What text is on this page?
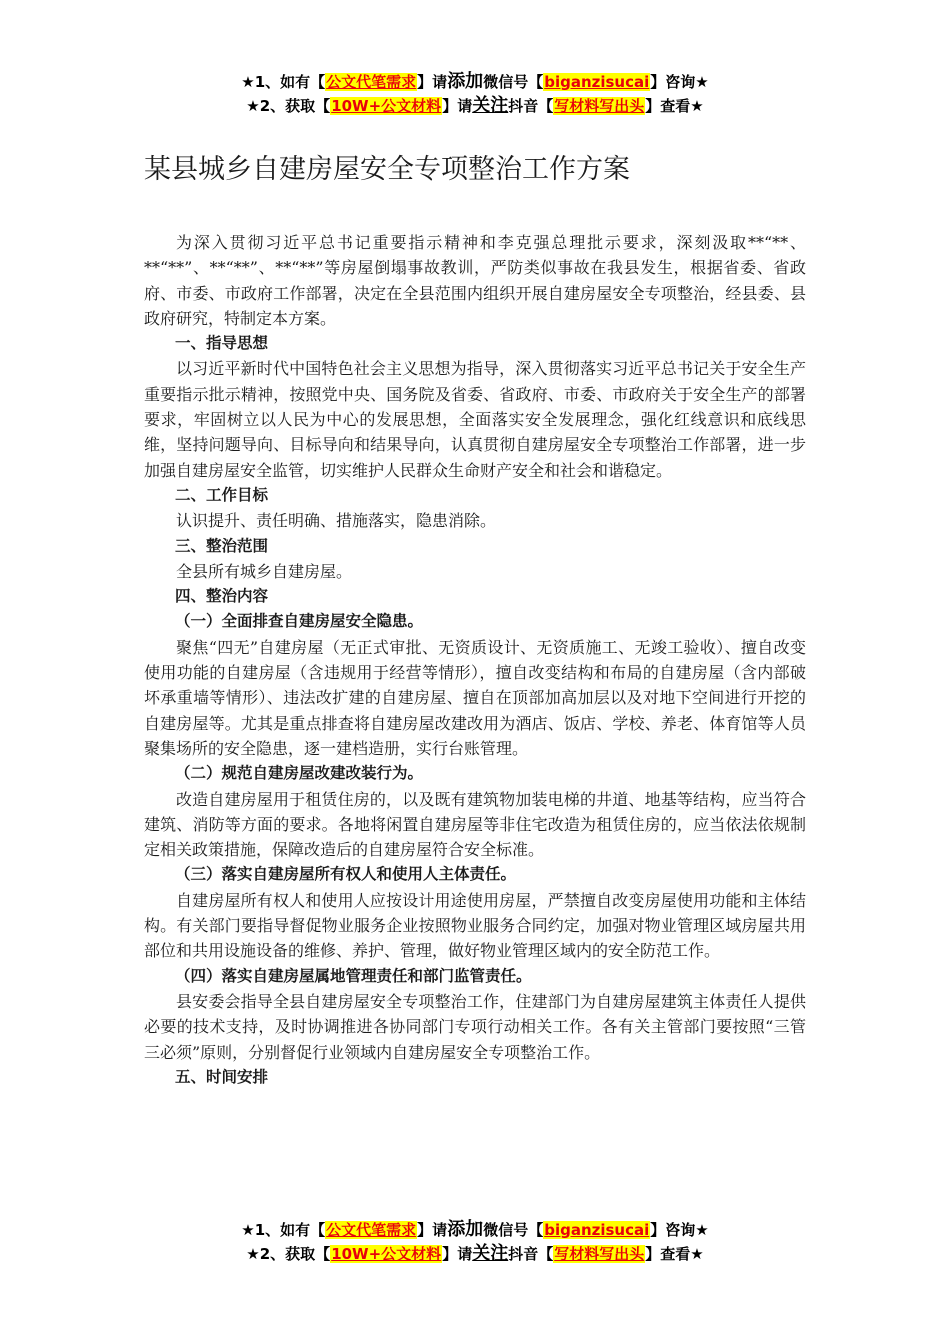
★1、如有【公文代笔需求】请添加微信号【biganzisucai】咨询★
★2、获取【10W+公文材料】请关注抖音【写材料写出头】查看★
某县城乡自建房屋安全专项整治工作方案

为深入贯彻习近平总书记重要指示精神和李克强总理批示要求，深刻汲取**“**、**“**”、**“**”、**“**”等房屋倒塌事故教训，严防类似事故在我县发生，根据省委、省政府、市委、市政府工作部署，决定在全县范围内组织开展自建房屋安全专项整治，经县委、县政府研究，特制定本方案。

一、指导思想

以习近平新时代中国特色社会主义思想为指导，深入贯彻落实习近平总书记关于安全生产重要指示批示精神，按照党中央、国务院及省委、省政府、市委、市政府关于安全生产的部署要求，牢固树立以人民为中心的发展思想，全面落实安全发展理念，强化红线意识和底线思维，坚持问题导向、目标导向和结果导向，认真贯彻自建房屋安全专项整治工作部署，进一步加强自建房屋安全监管，切实维护人民群众生命财产安全和社会和谐稳定。

二、工作目标

认识提升、责任明确、措施落实，隐患消除。

三、整治范围

全县所有城乡自建房屋。

四、整治内容

（一）全面排查自建房屋安全隐患。

聚焦“四无”自建房屋（无正式审批、无资质设计、无资质施工、无竣工验收）、擅自改变使用功能的自建房屋（含违规用于经营等情形），擅自改变结构和布局的自建房屋（含内部破坏承重墙等情形）、违法改扩建的自建房屋、擅自在顶部加高加层以及对地下空间进行开挖的自建房屋等。尤其是重点排查将自建房屋改建改用为酒店、饭店、学校、养老、体育馆等人员聚集场所的安全隐患，逐一建档造册，实行台账管理。

（二）规范自建房屋改建改装行为。

改造自建房屋用于租赁住房的，以及既有建筑物加装电梯的井道、地基等结构，应当符合建筑、消防等方面的要求。各地将闲置自建房屋等非住宅改造为租赁住房的，应当依法依规制定相关政策措施，保障改造后的自建房屋符合安全标准。

（三）落实自建房屋所有权人和使用人主体责任。

自建房屋所有权人和使用人应按设计用途使用房屋，严禁擅自改变房屋使用功能和主体结构。有关部门要指导督促物业服务企业按照物业服务合同约定，加强对物业管理区域房屋共用部位和共用设施设备的维修、养护、管理，做好物业管理区域内的安全防范工作。

（四）落实自建房屋属地管理责任和部门监管责任。

县安委会指导全县自建房屋安全专项整治工作，住建部门为自建房屋建筑主体责任人提供必要的技术支持，及时协调推进各协同部门专项行动相关工作。各有关主管部门要按照“三管三必须”原则，分别督促行业领域内自建房屋安全专项整治工作。

五、时间安排

★1、如有【公文代笔需求】请添加微信号【biganzisucai】咨询★
★2、获取【10W+公文材料】请关注抖音【写材料写出头】查看★
